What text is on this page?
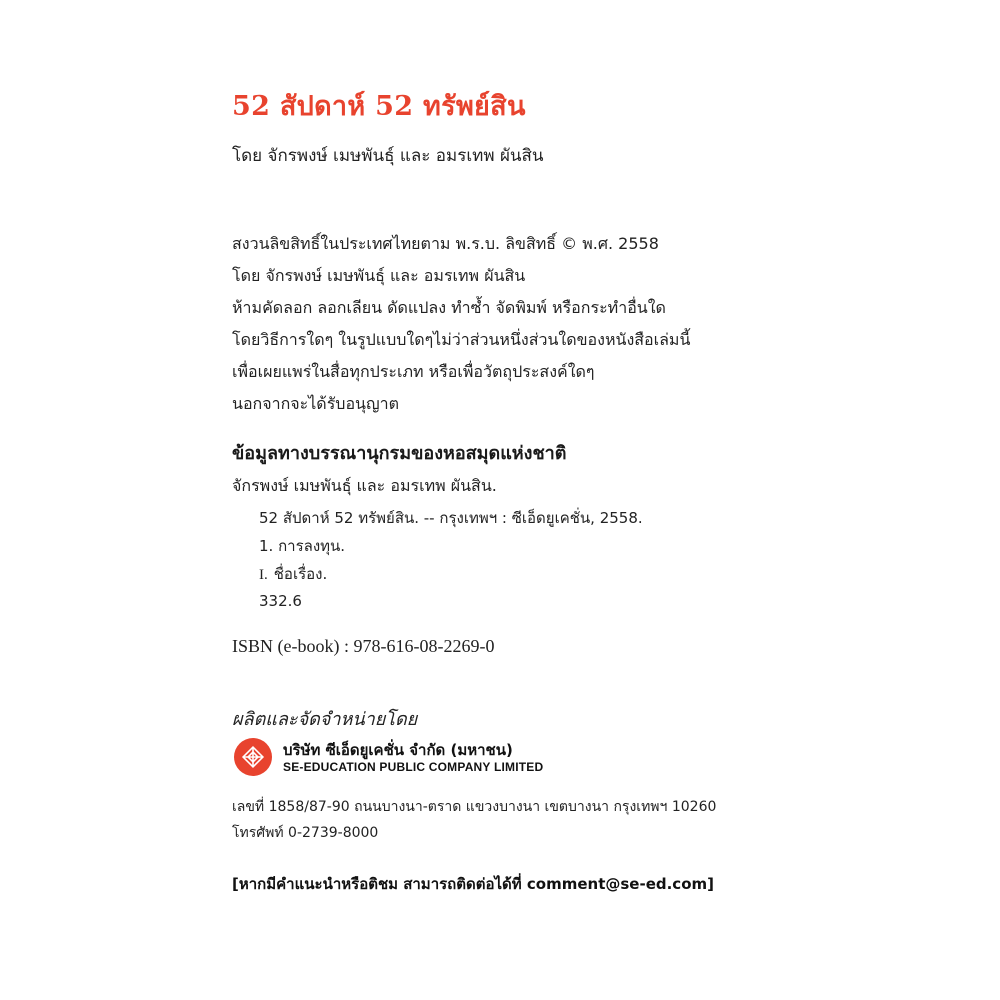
52 สัปดาห์ 52 ทรัพย์สิน
โดย จักรพงษ์ เมษพันธุ์ และ อมรเทพ ผันสิน
สงวนลิขสิทธิ์ในประเทศไทยตาม พ.ร.บ. ลิขสิทธิ์ © พ.ศ. 2558
โดย จักรพงษ์ เมษพันธุ์ และ อมรเทพ ผันสิน
ห้ามคัดลอก ลอกเลียน ดัดแปลง ทำซ้ำ จัดพิมพ์ หรือกระทำอื่นใด
โดยวิธีการใดๆ ในรูปแบบใดๆไม่ว่าส่วนหนึ่งส่วนใดของหนังสือเล่มนี้
เพื่อเผยแพร่ในสื่อทุกประเภท หรือเพื่อวัตถุประสงค์ใดๆ
นอกจากจะได้รับอนุญาต
ข้อมูลทางบรรณานุกรมของหอสมุดแห่งชาติ
จักรพงษ์ เมษพันธุ์ และ อมรเทพ ผันสิน.
52 สัปดาห์ 52 ทรัพย์สิน. -- กรุงเทพฯ : ซีเอ็ดยูเคชั่น, 2558.
1. การลงทุน.
I. ชื่อเรื่อง.
332.6
ISBN (e-book) : 978-616-08-2269-0
ผลิตและจัดจำหน่ายโดย
บริษัท ซีเอ็ดยูเคชั่น จำกัด (มหาชน)
SE-EDUCATION PUBLIC COMPANY LIMITED
เลขที่ 1858/87-90 ถนนบางนา-ตราด แขวงบางนา เขตบางนา กรุงเทพฯ 10260
โทรศัพท์ 0-2739-8000
[หากมีคำแนะนำหรือติชม สามารถติดต่อได้ที่ comment@se-ed.com]
